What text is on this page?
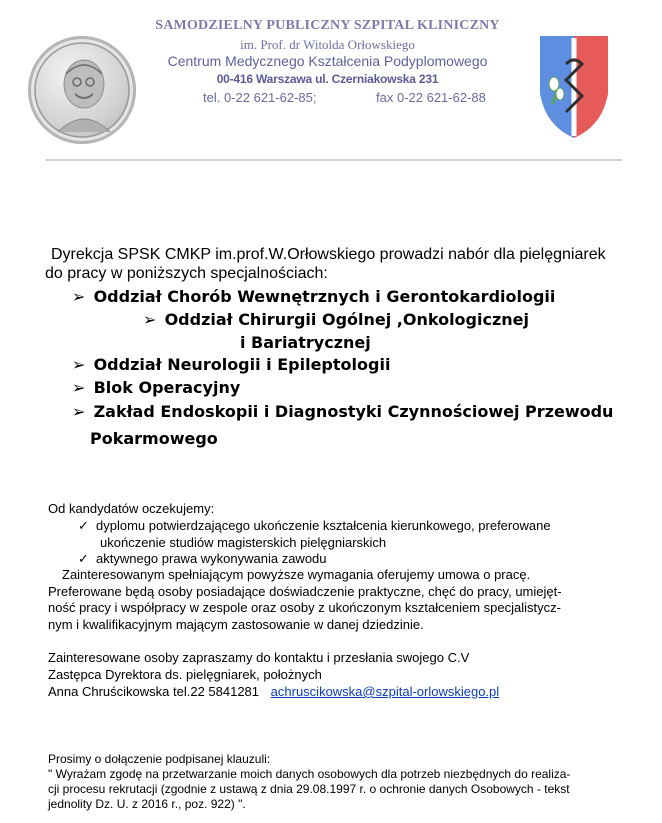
SAMODZIELNY PUBLICZNY SZPITAL KLINICZNY
im. Prof. dr Witolda Orłowskiego
Centrum Medycznego Kształcenia Podyplomowego
00-416 Warszawa ul. Czerniakowska 231
tel. 0-22 621-62-85;	fax 0-22 621-62-88

Dyrekcja SPSK CMKP im.prof.W.Orłowskiego prowadzi nabór dla pielęgniarek

do pracy w poniższych specjalnościach:

➢ Oddział Chorób Wewnętrznych i Gerontokardiologii
➢ Oddział Chirurgii Ogólnej ,Onkologicznej
i Bariatrycznej
➢ Oddział Neurologii i Epileptologii
➢ Blok Operacyjny
➢ Zakład Endoskopii i Diagnostyki Czynnościowej Przewodu
Pokarmowego
Od kandydatów oczekujemy:
✓ dyplomu potwierdzającego ukończenie kształcenia kierunkowego, preferowane
ukończenie studiów magisterskich pielęgniarskich
✓ aktywnego prawa wykonywania zawodu
Zainteresowanym spełniającym powyższe wymagania oferujemy umowa o pracę.
Preferowane będą osoby posiadające doświadczenie praktyczne, chęć do pracy, umiejęt-
ność pracy i współpracy w zespole oraz osoby z ukończonym kształceniem specjalistycz-
nym i kwalifikacyjnym mającym zastosowanie w danej dziedzinie.
Zainteresowane osoby zapraszamy do kontaktu i przesłania swojego C.V
Zastępca Dyrektora ds. pielęgniarek, położnych
Anna Chruścikowska tel.22 5841281 achruscikowska@szpital-orlowskiego.pl
Prosimy o dołączenie podpisanej klauzuli:
" Wyrażam zgodę na przetwarzanie moich danych osobowych dla potrzeb niezbędnych do realiza-
cji procesu rekrutacji (zgodnie z ustawą z dnia 29.08.1997 r. o ochronie danych Osobowych - tekst
jednolity Dz. U. z 2016 r., poz. 922) ".
